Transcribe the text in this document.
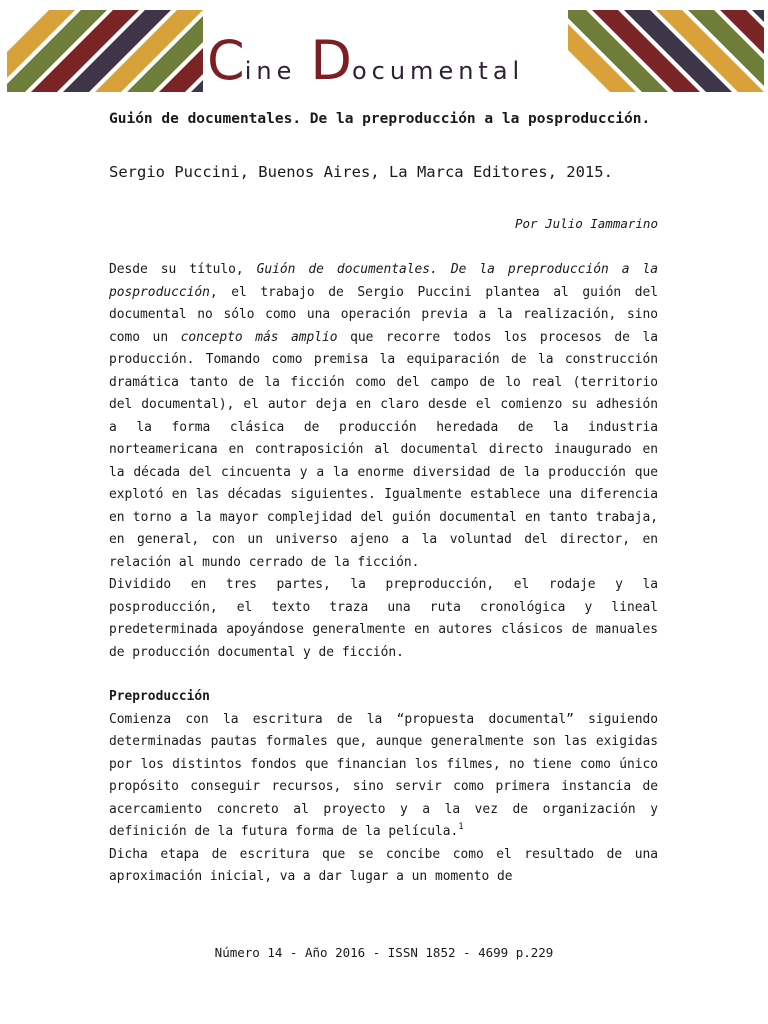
Cine Documental
Guión de documentales. De la preproducción a la posproducción.
Sergio Puccini, Buenos Aires, La Marca Editores, 2015.
Por Julio Iammarino

Desde su título, Guión de documentales. De la preproducción a la posproducción, el trabajo de Sergio Puccini plantea al guión del documental no sólo como una operación previa a la realización, sino como un concepto más amplio que recorre todos los procesos de la producción. Tomando como premisa la equiparación de la construcción dramática tanto de la ficción como del campo de lo real (territorio del documental), el autor deja en claro desde el comienzo su adhesión a la forma clásica de producción heredada de la industria norteamericana en contraposición al documental directo inaugurado en la década del cincuenta y a la enorme diversidad de la producción que explotó en las décadas siguientes. Igualmente establece una diferencia en torno a la mayor complejidad del guión documental en tanto trabaja, en general, con un universo ajeno a la voluntad del director, en relación al mundo cerrado de la ficción.

Dividido en tres partes, la preproducción, el rodaje y la posproducción, el texto traza una ruta cronológica y lineal predeterminada apoyándose generalmente en autores clásicos de manuales de producción documental y de ficción.

Preproducción

Comienza con la escritura de la “propuesta documental” siguiendo determinadas pautas formales que, aunque generalmente son las exigidas por los distintos fondos que financian los filmes, no tiene como único propósito conseguir recursos, sino servir como primera instancia de acercamiento concreto al proyecto y a la vez de organización y definición de la futura forma de la película.$^1$

Dicha etapa de escritura que se concibe como el resultado de una aproximación inicial, va a dar lugar a un momento de

Número 14 - Año 2016 - ISSN 1852 - 4699 p.229
